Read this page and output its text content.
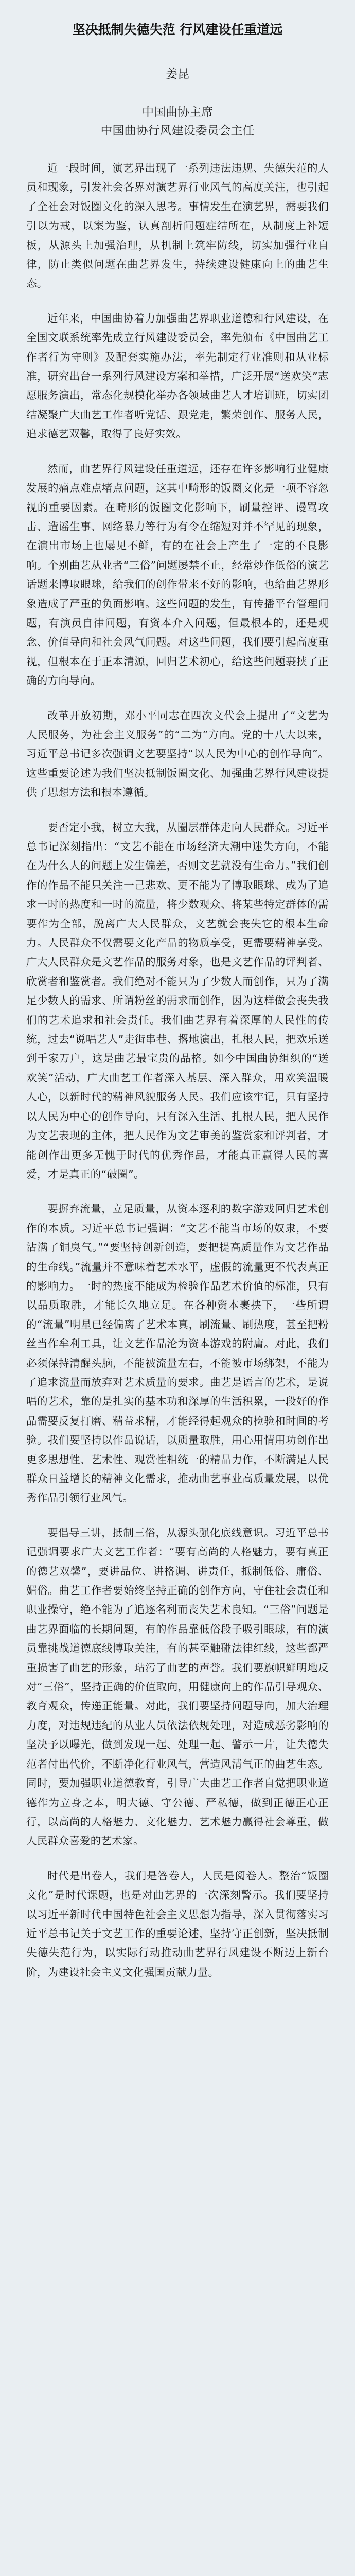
坚决抵制失德失范 行风建设任重道远

姜昆

中国曲协主席

中国曲协行风建设委员会主任

近一段时间，演艺界出现了一系列违法违规、失德失范的人员和现象，引发社会各界对演艺界行业风气的高度关注，也引起了全社会对饭圈文化的深入思考。事情发生在演艺界，需要我们引以为戒，以案为鉴，认真剖析问题症结所在，从制度上补短板，从源头上加强治理，从机制上筑牢防线，切实加强行业自律，防止类似问题在曲艺界发生，持续建设健康向上的曲艺生态。

近年来，中国曲协着力加强曲艺界职业道德和行风建设，在全国文联系统率先成立行风建设委员会，率先颁布《中国曲艺工作者行为守则》及配套实施办法，率先制定行业准则和从业标准，研究出台一系列行风建设方案和举措，广泛开展“送欢笑”志愿服务演出，常态化规模化举办各领域曲艺人才培训班，切实团结凝聚广大曲艺工作者听党话、跟党走，繁荣创作、服务人民，追求德艺双馨，取得了良好实效。

然而，曲艺界行风建设任重道远，还存在许多影响行业健康发展的痛点难点堵点问题，这其中畸形的饭圈文化是一项不容忽视的重要因素。在畸形的饭圈文化影响下，刷量控评、谩骂攻击、造谣生事、网络暴力等行为有令在缩短对并不罕见的现象，在演出市场上也屡见不鲜，有的在社会上产生了一定的不良影响。个别曲艺从业者“三俗”问题屡禁不止，经常炒作低俗的演艺话题来博取眼球，给我们的创作带来不好的影响，也给曲艺界形象造成了严重的负面影响。这些问题的发生，有传播平台管理问题，有演员自律问题，有资本介入问题，但最根本的，还是观念、价值导向和社会风气问题。对这些问题，我们要引起高度重视，但根本在于正本清源，回归艺术初心，给这些问题裹挟了正确的方向导向。

改革开放初期，邓小平同志在四次文代会上提出了“文艺为人民服务，为社会主义服务”的“二为”方向。党的十八大以来，习近平总书记多次强调文艺要坚持“以人民为中心的创作导向”。这些重要论述为我们坚决抵制饭圈文化、加强曲艺界行风建设提供了思想方法和根本遵循。

要否定小我，树立大我，从圈层群体走向人民群众。习近平总书记深刻指出：“文艺不能在市场经济大潮中迷失方向，不能在为什么人的问题上发生偏差，否则文艺就没有生命力。”我们创作的作品不能只关注一己悲欢、更不能为了博取眼球、成为了追求一时的热度和一时的流量，将少数观众、将某些特定群体的需要作为全部，脱离广大人民群众，文艺就会丧失它的根本生命力。人民群众不仅需要文化产品的物质享受，更需要精神享受。广大人民群众是文艺作品的服务对象，也是文艺作品的评判者、欣赏者和鉴赏者。我们绝对不能只为了少数人而创作，只为了满足少数人的需求、所谓粉丝的需求而创作，因为这样做会丧失我们的艺术追求和社会责任。我们曲艺界有着深厚的人民性的传统，过去“说唱艺人”走街串巷、撂地演出，扎根人民，把欢乐送到千家万户，这是曲艺最宝贵的品格。如今中国曲协组织的“送欢笑”活动，广大曲艺工作者深入基层、深入群众，用欢笑温暖人心，以新时代的精神风貌服务人民。我们应该牢记，只有坚持以人民为中心的创作导向，只有深入生活、扎根人民，把人民作为文艺表现的主体，把人民作为文艺审美的鉴赏家和评判者，才能创作出更多无愧于时代的优秀作品，才能真正赢得人民的喜爱，才是真正的“破圈”。

要摒弃流量，立足质量，从资本逐利的数字游戏回归艺术创作的本质。习近平总书记强调：“文艺不能当市场的奴隶，不要沾满了铜臭气。”“要坚持创新创造，要把提高质量作为文艺作品的生命线。”流量并不意味着艺术水平，虚假的流量更不代表真正的影响力。一时的热度不能成为检验作品艺术价值的标准，只有以品质取胜，才能长久地立足。在各种资本裹挟下，一些所谓的“流量”明星已经偏离了艺术本真，刷流量、刷热度，甚至把粉丝当作牟利工具，让文艺作品沦为资本游戏的附庸。对此，我们必须保持清醒头脑，不能被流量左右，不能被市场绑架，不能为了追求流量而放弃对艺术质量的要求。曲艺是语言的艺术，是说唱的艺术，靠的是扎实的基本功和深厚的生活积累，一段好的作品需要反复打磨、精益求精，才能经得起观众的检验和时间的考验。我们要坚持以作品说话，以质量取胜，用心用情用功创作出更多思想性、艺术性、观赏性相统一的精品力作，不断满足人民群众日益增长的精神文化需求，推动曲艺事业高质量发展，以优秀作品引领行业风气。

要倡导三讲，抵制三俗，从源头强化底线意识。习近平总书记强调要求广大文艺工作者：“要有高尚的人格魅力，要有真正的德艺双馨”，要讲品位、讲格调、讲责任，抵制低俗、庸俗、媚俗。曲艺工作者要始终坚持正确的创作方向，守住社会责任和职业操守，绝不能为了追逐名利而丧失艺术良知。“三俗”问题是曲艺界面临的长期问题，有的作品靠低俗段子吸引眼球，有的演员靠挑战道德底线博取关注，有的甚至触碰法律红线，这些都严重损害了曲艺的形象，玷污了曲艺的声誉。我们要旗帜鲜明地反对“三俗”，坚持正确的价值取向，用健康向上的作品引导观众、教育观众，传递正能量。对此，我们要坚持问题导向，加大治理力度，对违规违纪的从业人员依法依规处理，对造成恶劣影响的坚决予以曝光，做到发现一起、处理一起、警示一片，让失德失范者付出代价，不断净化行业风气，营造风清气正的曲艺生态。同时，要加强职业道德教育，引导广大曲艺工作者自觉把职业道德作为立身之本，明大德、守公德、严私德，做到正德正心正行，以高尚的人格魅力、文化魅力、艺术魅力赢得社会尊重，做人民群众喜爱的艺术家。

时代是出卷人，我们是答卷人，人民是阅卷人。整治“饭圈文化”是时代课题，也是对曲艺界的一次深刻警示。我们要坚持以习近平新时代中国特色社会主义思想为指导，深入贯彻落实习近平总书记关于文艺工作的重要论述，坚持守正创新，坚决抵制失德失范行为，以实际行动推动曲艺界行风建设不断迈上新台阶，为建设社会主义文化强国贡献力量。
